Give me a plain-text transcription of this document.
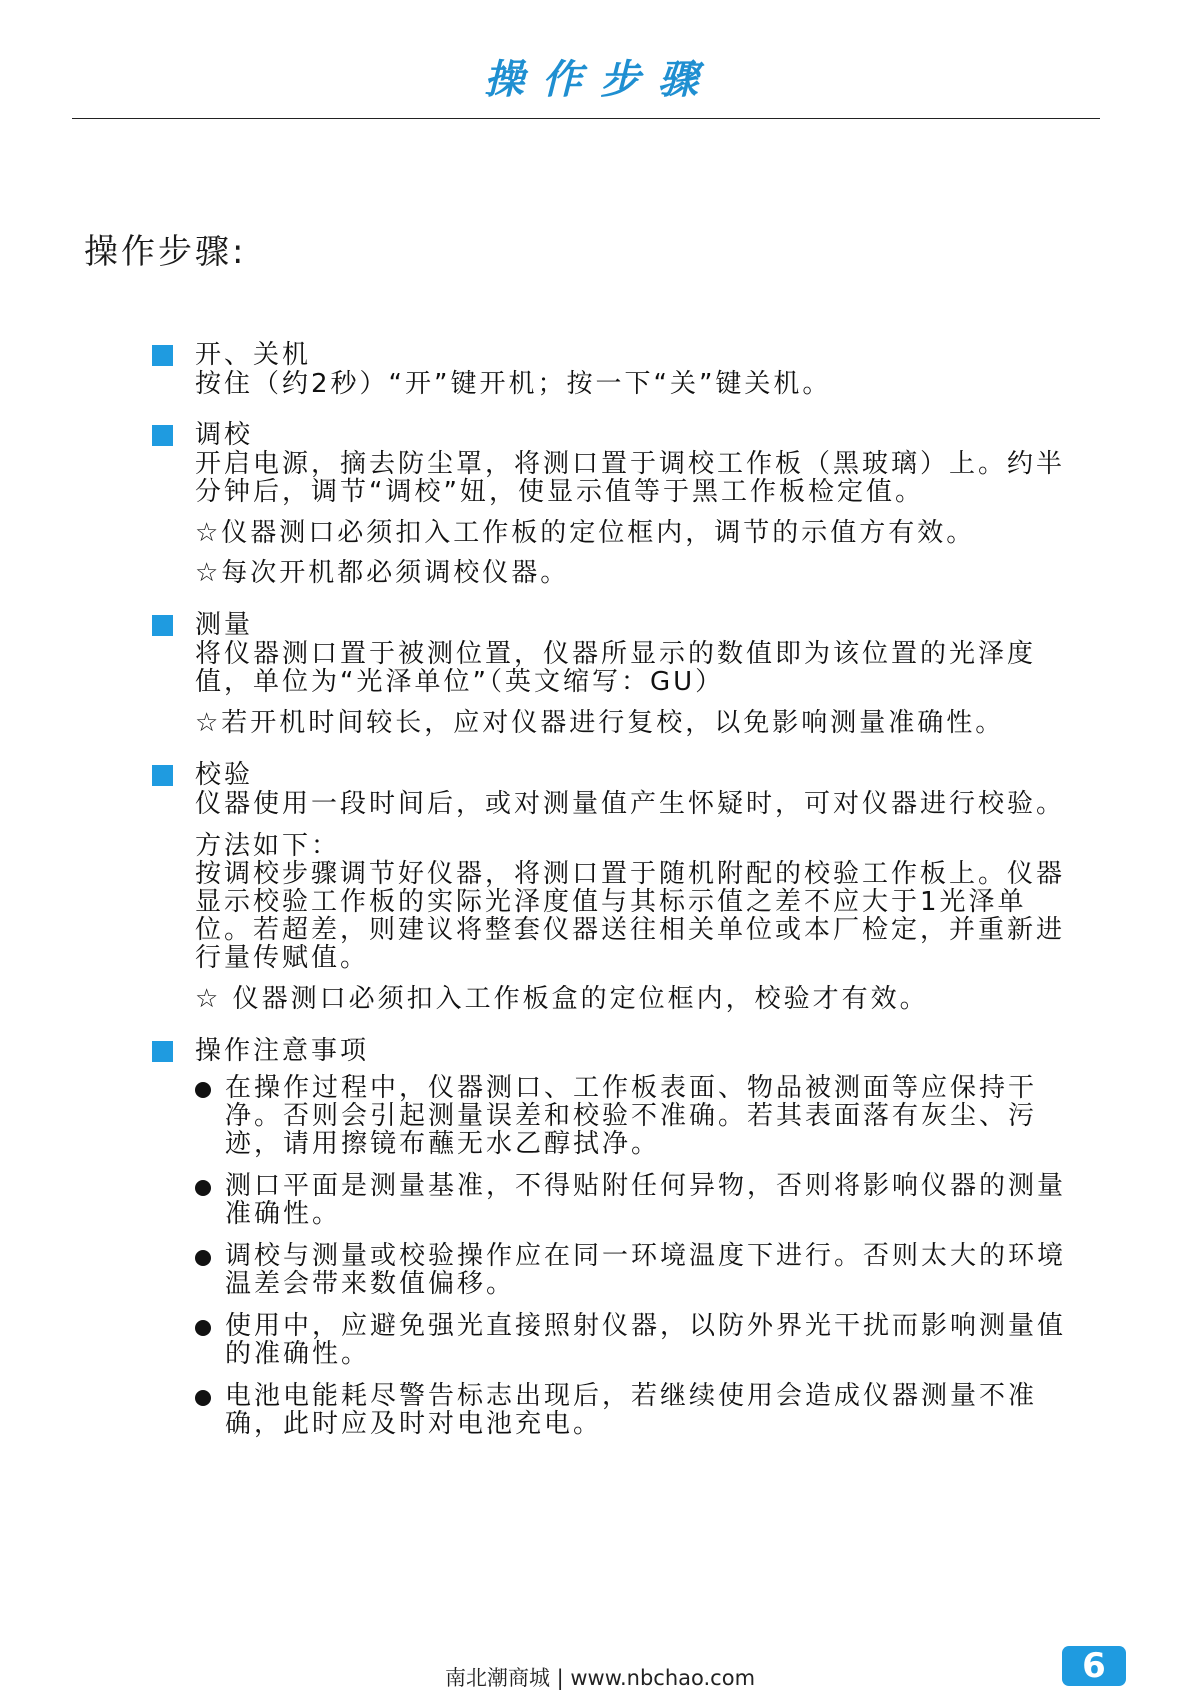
操作步骤
操作步骤:
开、关机

按住（约2秒）“开”键开机；按一下“关”键关机。

调校

开启电源，摘去防尘罩，将测口置于调校工作板（黑玻璃）上。约半分钟后，调节“调校”妞，使显示值等于黑工作板检定值。

☆仪器测口必须扣入工作板的定位框内，调节的示值方有效。

☆每次开机都必须调校仪器。

测量

将仪器测口置于被测位置，仪器所显示的数值即为该位置的光泽度值，单位为“光泽单位”（英文缩写：GU）

☆若开机时间较长，应对仪器进行复校，以免影响测量准确性。

校验

仪器使用一段时间后，或对测量值产生怀疑时，可对仪器进行校验。

方法如下：

按调校步骤调节好仪器，将测口置于随机附配的校验工作板上。仪器显示校验工作板的实际光泽度值与其标示值之差不应大于1光泽单位。若超差，则建议将整套仪器送往相关单位或本厂检定，并重新进行量传赋值。

☆ 仪器测口必须扣入工作板盒的定位框内，校验才有效。

操作注意事项
在操作过程中，仪器测口、工作板表面、物品被测面等应保持干净。否则会引起测量误差和校验不准确。若其表面落有灰尘、污迹，请用擦镜布蘸无水乙醇拭净。
测口平面是测量基准，不得贴附任何异物，否则将影响仪器的测量准确性。
调校与测量或校验操作应在同一环境温度下进行。否则太大的环境温差会带来数值偏移。
使用中，应避免强光直接照射仪器，以防外界光干扰而影响测量值的准确性。
电池电能耗尽警告标志出现后，若继续使用会造成仪器测量不准确，此时应及时对电池充电。
南北潮商城 | www.nbchao.com	6
